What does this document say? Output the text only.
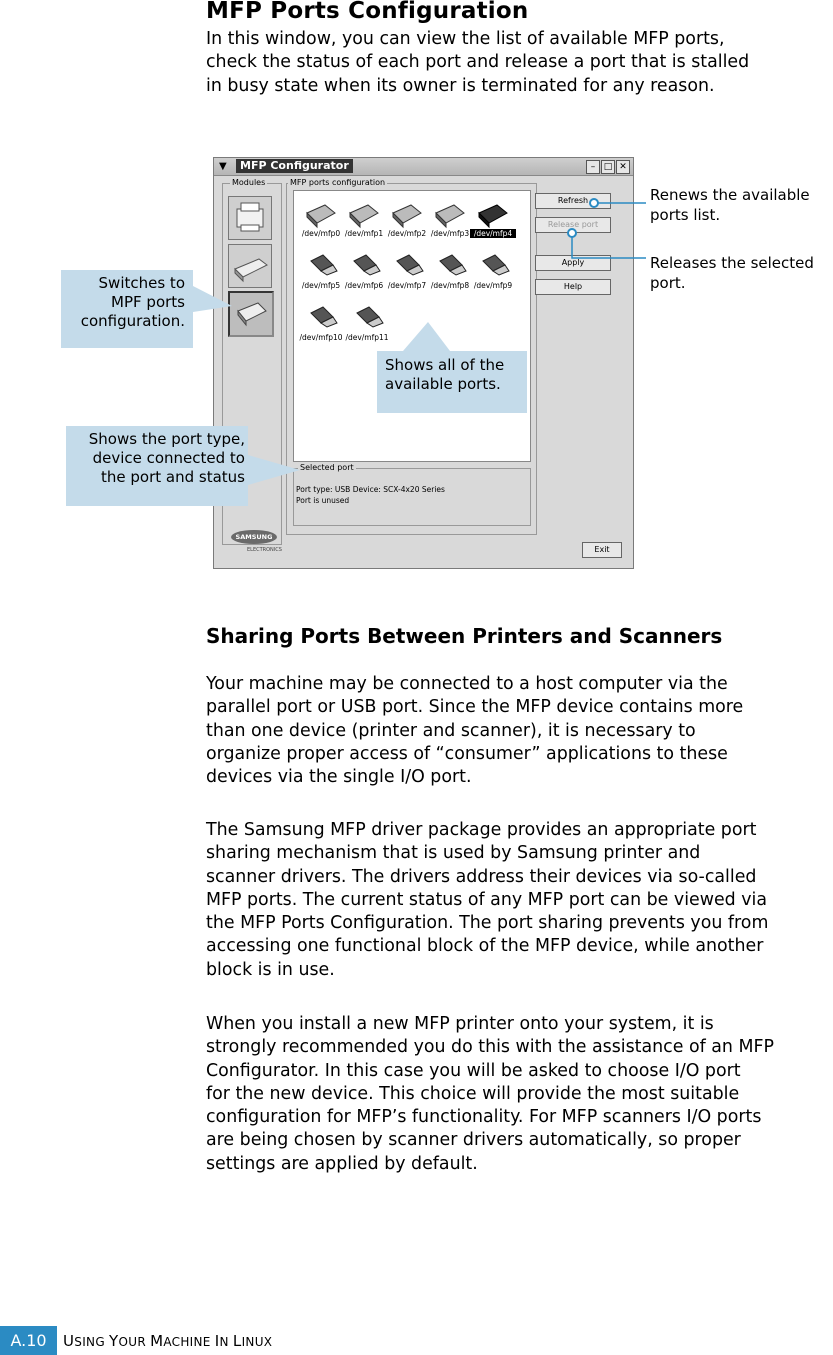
MFP Ports Configuration
In this window, you can view the list of available MFP ports,
check the status of each port and release a port that is stalled
in busy state when its owner is terminated for any reason.
▼	MFP Configurator	– □ ✕
Modules	MFP ports configuration
/dev/mfp0 /dev/mfp1 /dev/mfp2 /dev/mfp3 /dev/mfp4
/dev/mfp5 /dev/mfp6 /dev/mfp7 /dev/mfp8 /dev/mfp9
/dev/mfp10 /dev/mfp11
Selected port
Port type: USB Device: SCX-4x20 Series
Port is unused
Refresh
Release port
Apply
Help
Exit
SAMSUNG
ELECTRONICS
Switches to
MPF ports
configuration.
Shows the port type,
device connected to
the port and status
Shows all of the
available ports.
Renews the available
ports list.
Releases the selected
port.
Sharing Ports Between Printers and Scanners
Your machine may be connected to a host computer via the
parallel port or USB port. Since the MFP device contains more
than one device (printer and scanner), it is necessary to
organize proper access of “consumer” applications to these
devices via the single I/O port.
The Samsung MFP driver package provides an appropriate port
sharing mechanism that is used by Samsung printer and
scanner drivers. The drivers address their devices via so-called
MFP ports. The current status of any MFP port can be viewed via
the MFP Ports Configuration. The port sharing prevents you from
accessing one functional block of the MFP device, while another
block is in use.
When you install a new MFP printer onto your system, it is
strongly recommended you do this with the assistance of an MFP
Configurator. In this case you will be asked to choose I/O port
for the new device. This choice will provide the most suitable
configuration for MFP’s functionality. For MFP scanners I/O ports
are being chosen by scanner drivers automatically, so proper
settings are applied by default.
A.10	USING YOUR MACHINE IN LINUX
